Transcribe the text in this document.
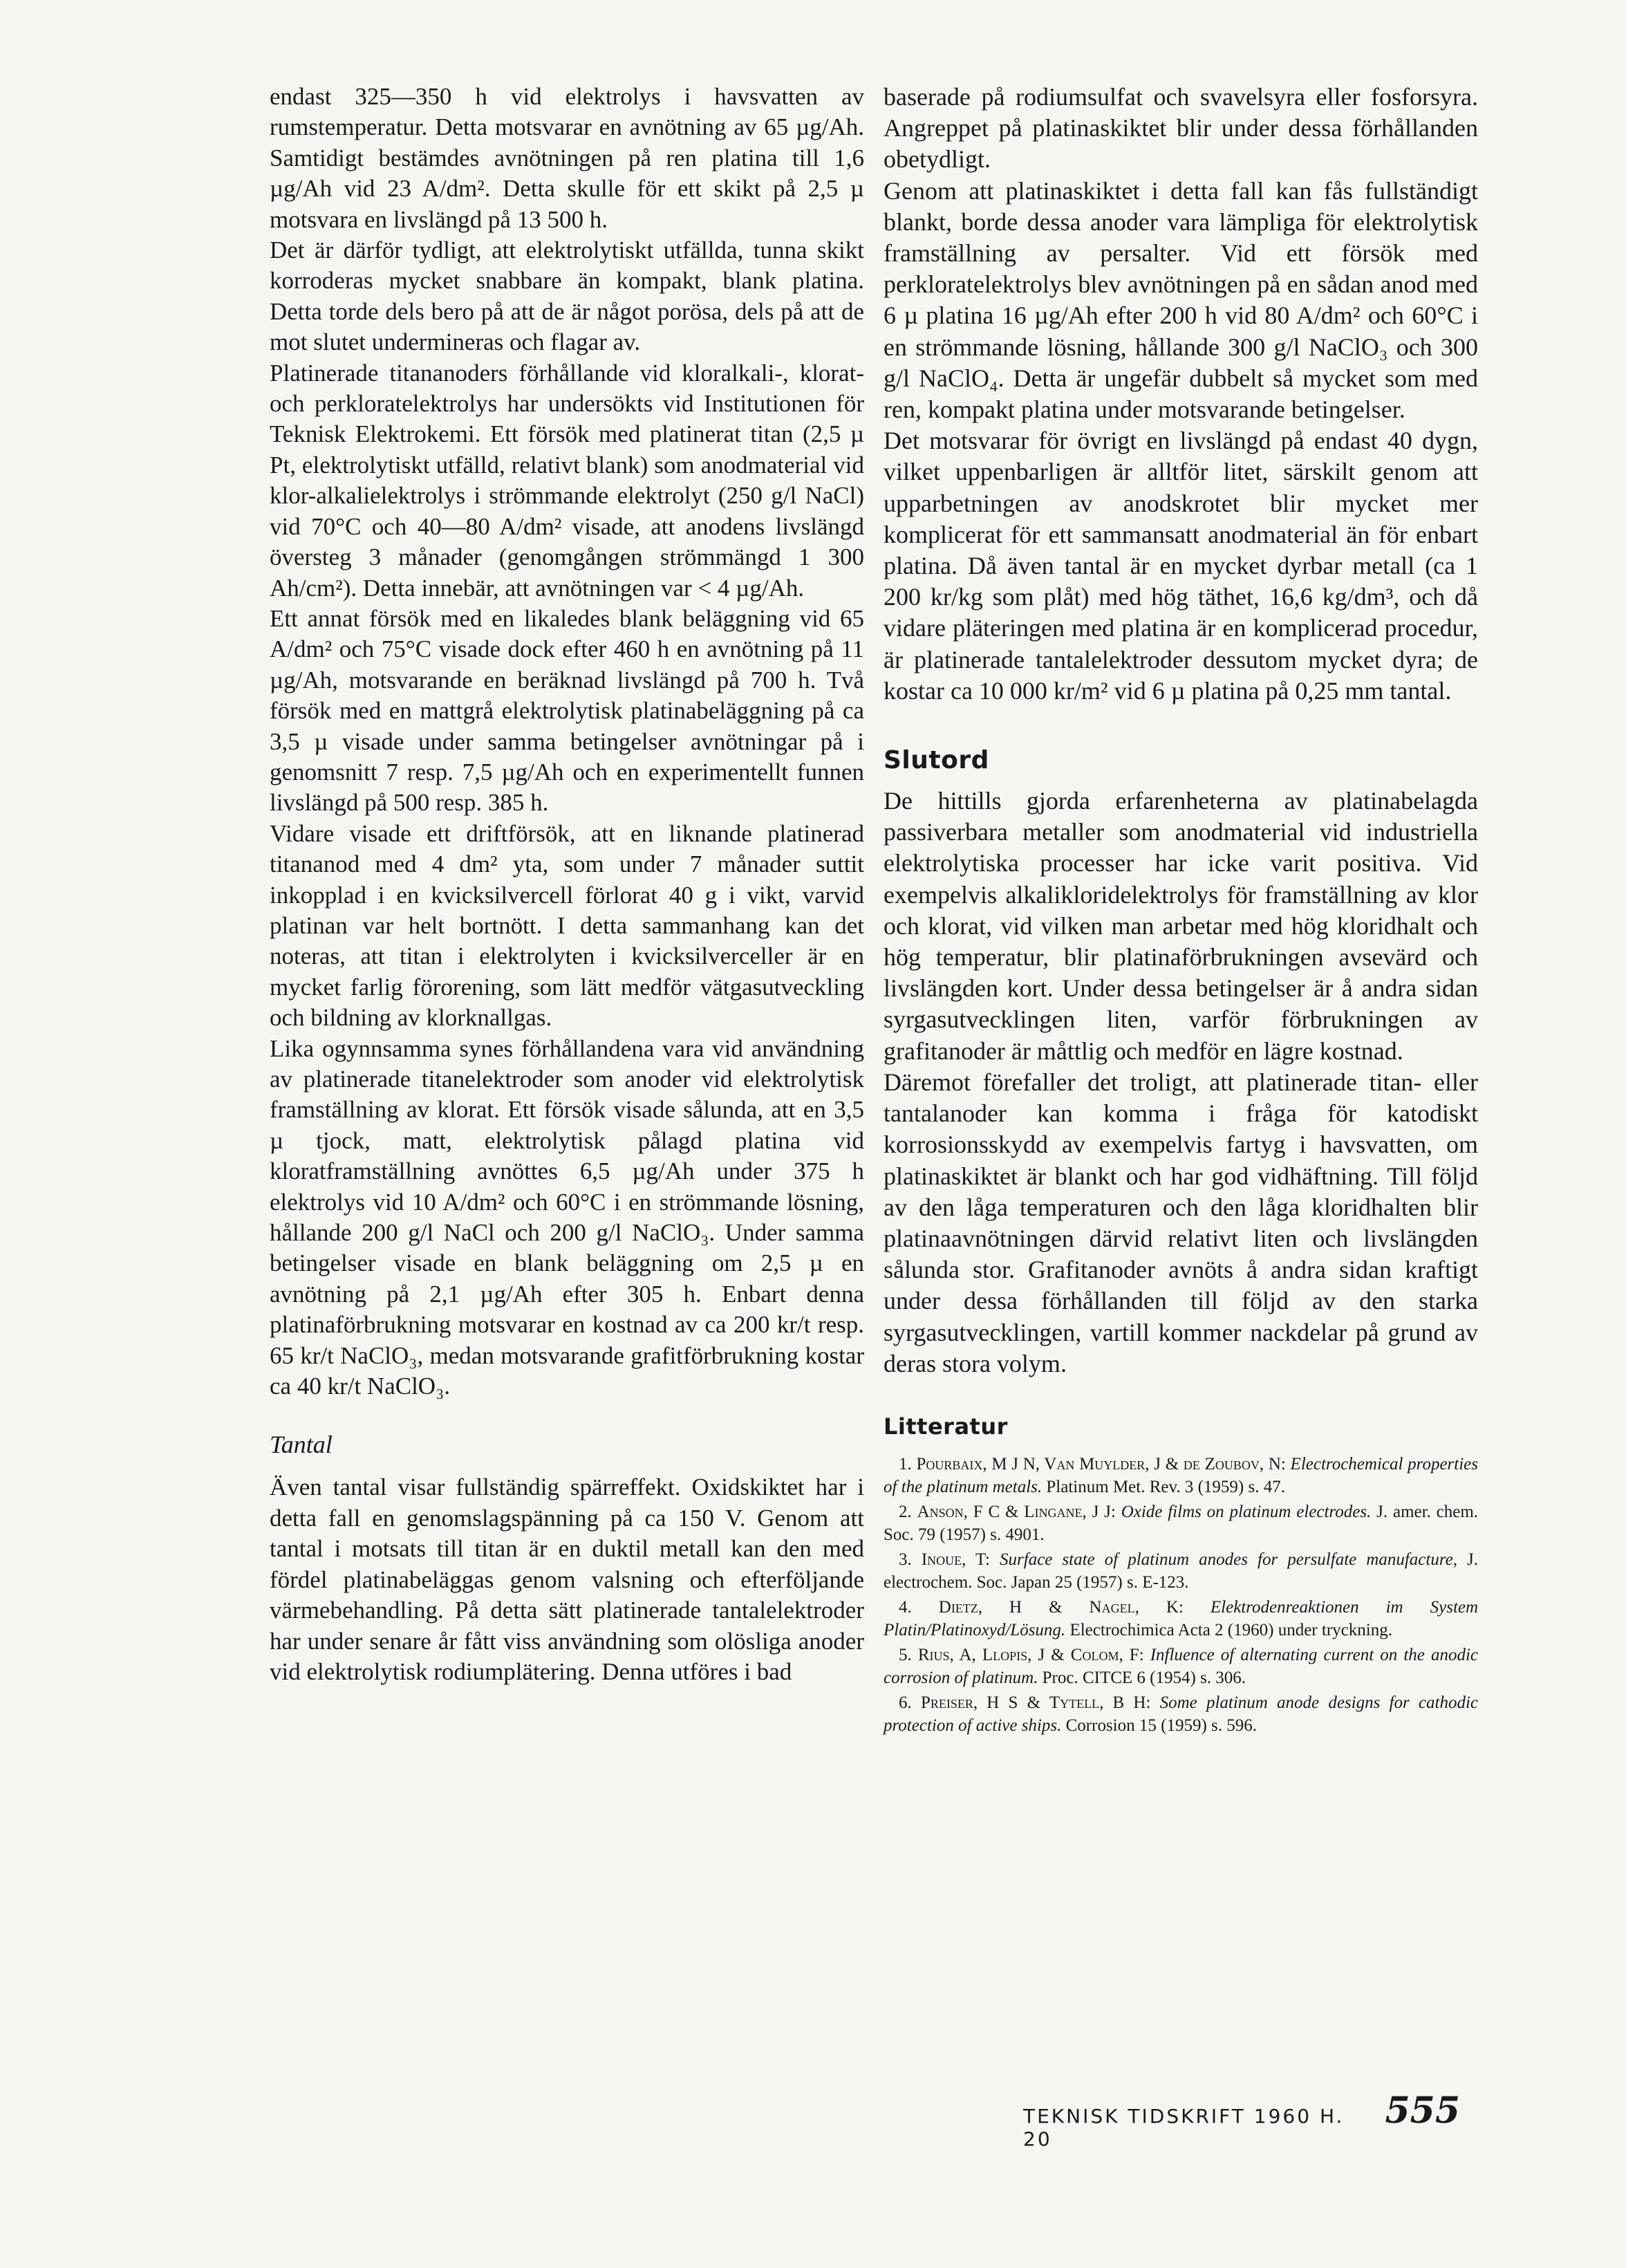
endast 325—350 h vid elektrolys i havsvatten av rumstemperatur. Detta motsvarar en avnötning av 65 µg/Ah. Samtidigt bestämdes avnötningen på ren platina till 1,6 µg/Ah vid 23 A/dm². Detta skulle för ett skikt på 2,5 µ motsvara en livslängd på 13 500 h.

Det är därför tydligt, att elektrolytiskt utfällda, tunna skikt korroderas mycket snabbare än kompakt, blank platina. Detta torde dels bero på att de är något porösa, dels på att de mot slutet undermineras och flagar av.

Platinerade titananoders förhållande vid kloralkali-, klorat- och perkloratelektrolys har undersökts vid Institutionen för Teknisk Elektrokemi. Ett försök med platinerat titan (2,5 µ Pt, elektrolytiskt utfälld, relativt blank) som anodmaterial vid klor-alkalielektrolys i strömmande elektrolyt (250 g/l NaCl) vid 70°C och 40—80 A/dm² visade, att anodens livslängd översteg 3 månader (genomgången strömmängd 1 300 Ah/cm²). Detta innebär, att avnötningen var < 4 µg/Ah.

Ett annat försök med en likaledes blank beläggning vid 65 A/dm² och 75°C visade dock efter 460 h en avnötning på 11 µg/Ah, motsvarande en beräknad livslängd på 700 h. Två försök med en mattgrå elektrolytisk platinabeläggning på ca 3,5 µ visade under samma betingelser avnötningar på i genomsnitt 7 resp. 7,5 µg/Ah och en experimentellt funnen livslängd på 500 resp. 385 h.

Vidare visade ett driftförsök, att en liknande platinerad titananod med 4 dm² yta, som under 7 månader suttit inkopplad i en kvicksilvercell förlorat 40 g i vikt, varvid platinan var helt bortnött. I detta sammanhang kan det noteras, att titan i elektrolyten i kvicksilverceller är en mycket farlig förorening, som lätt medför vätgasutveckling och bildning av klorknallgas.

Lika ogynnsamma synes förhållandena vara vid användning av platinerade titanelektroder som anoder vid elektrolytisk framställning av klorat. Ett försök visade sålunda, att en 3,5 µ tjock, matt, elektrolytisk pålagd platina vid kloratframställning avnöttes 6,5 µg/Ah under 375 h elektrolys vid 10 A/dm² och 60°C i en strömmande lösning, hållande 200 g/l NaCl och 200 g/l NaClO₃. Under samma betingelser visade en blank beläggning om 2,5 µ en avnötning på 2,1 µg/Ah efter 305 h. Enbart denna platinaförbrukning motsvarar en kostnad av ca 200 kr/t resp. 65 kr/t NaClO₃, medan motsvarande grafitförbrukning kostar ca 40 kr/t NaClO₃.

Tantal

Även tantal visar fullständig spärreffekt. Oxidskiktet har i detta fall en genomslagspänning på ca 150 V. Genom att tantal i motsats till titan är en duktil metall kan den med fördel platinabeläggas genom valsning och efterföljande värmebehandling. På detta sätt platinerade tantalelektroder har under senare år fått viss användning som olösliga anoder vid elektrolytisk rodiumplätering. Denna utföres i bad

baserade på rodiumsulfat och svavelsyra eller fosforsyra. Angreppet på platinaskiktet blir under dessa förhållanden obetydligt.

Genom att platinaskiktet i detta fall kan fås fullständigt blankt, borde dessa anoder vara lämpliga för elektrolytisk framställning av persalter. Vid ett försök med perkloratelektrolys blev avnötningen på en sådan anod med 6 µ platina 16 µg/Ah efter 200 h vid 80 A/dm² och 60°C i en strömmande lösning, hållande 300 g/l NaClO₃ och 300 g/l NaClO₄. Detta är ungefär dubbelt så mycket som med ren, kompakt platina under motsvarande betingelser.

Det motsvarar för övrigt en livslängd på endast 40 dygn, vilket uppenbarligen är alltför litet, särskilt genom att upparbetningen av anodskrotet blir mycket mer komplicerat för ett sammansatt anodmaterial än för enbart platina. Då även tantal är en mycket dyrbar metall (ca 1 200 kr/kg som plåt) med hög täthet, 16,6 kg/dm³, och då vidare pläteringen med platina är en komplicerad procedur, är platinerade tantalelektroder dessutom mycket dyra; de kostar ca 10 000 kr/m² vid 6 µ platina på 0,25 mm tantal.

Slutord

De hittills gjorda erfarenheterna av platinabelagda passiverbara metaller som anodmaterial vid industriella elektrolytiska processer har icke varit positiva. Vid exempelvis alkalikloridelektrolys för framställning av klor och klorat, vid vilken man arbetar med hög kloridhalt och hög temperatur, blir platinaförbrukningen avsevärd och livslängden kort. Under dessa betingelser är å andra sidan syrgasutvecklingen liten, varför förbrukningen av grafitanoder är måttlig och medför en lägre kostnad.

Däremot förefaller det troligt, att platinerade titan- eller tantalanoder kan komma i fråga för katodiskt korrosionsskydd av exempelvis fartyg i havsvatten, om platinaskiktet är blankt och har god vidhäftning. Till följd av den låga temperaturen och den låga kloridhalten blir platinaavnötningen därvid relativt liten och livslängden sålunda stor. Grafitanoder avnöts å andra sidan kraftigt under dessa förhållanden till följd av den starka syrgasutvecklingen, vartill kommer nackdelar på grund av deras stora volym.

Litteratur
1. Pourbaix, M J N, Van Muylder, J & de Zoubov, N: Electrochemical properties of the platinum metals. Platinum Met. Rev. 3 (1959) s. 47.
2. Anson, F C & Lingane, J J: Oxide films on platinum electrodes. J. amer. chem. Soc. 79 (1957) s. 4901.
3. Inoue, T: Surface state of platinum anodes for persulfate manufacture, J. electrochem. Soc. Japan 25 (1957) s. E-123.
4. Dietz, H & Nagel, K: Elektrodenreaktionen im System Platin/Platinoxyd/Lösung. Electrochimica Acta 2 (1960) under tryckning.
5. Rius, A, Llopis, J & Colom, F: Influence of alternating current on the anodic corrosion of platinum. Proc. CITCE 6 (1954) s. 306.
6. Preiser, H S & Tytell, B H: Some platinum anode designs for cathodic protection of active ships. Corrosion 15 (1959) s. 596.
TEKNISK TIDSKRIFT 1960 H. 20
555
